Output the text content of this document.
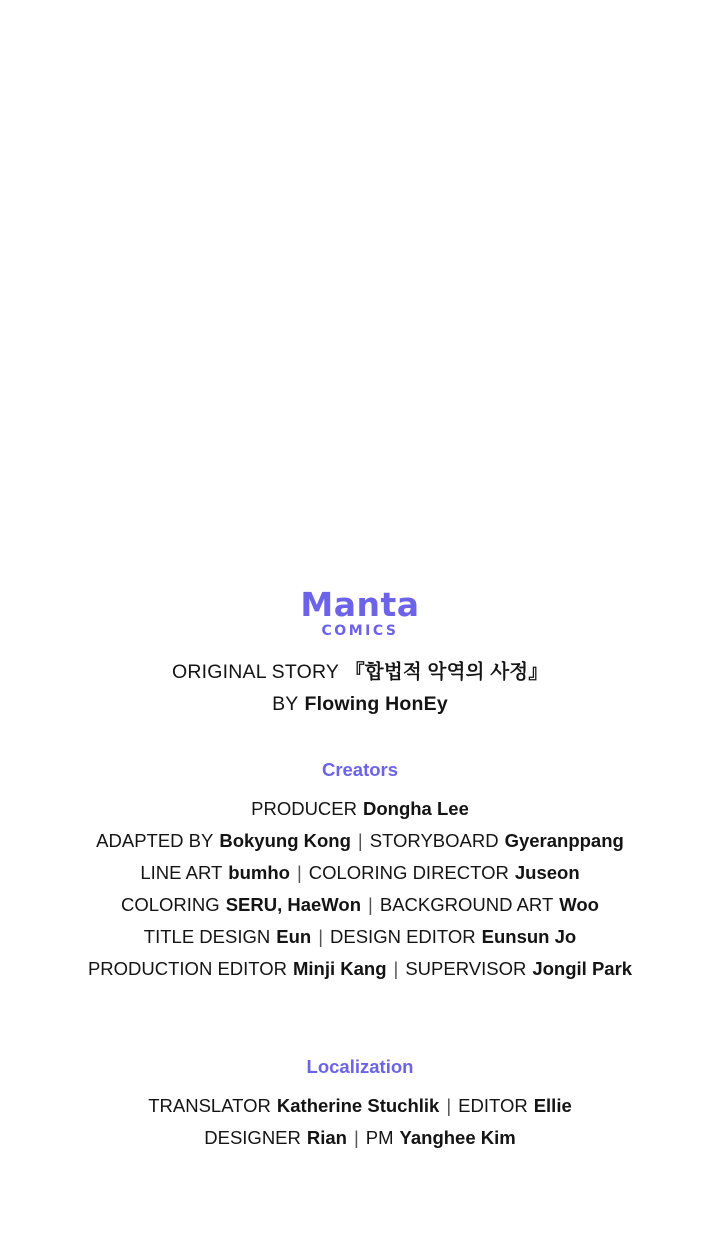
Manta
COMICS
ORIGINAL STORY 『합법적 악역의 사정』
BY Flowing HonEy
Creators
PRODUCER Dongha Lee
ADAPTED BY Bokyung Kong | STORYBOARD Gyeranppang
LINE ART bumho | COLORING DIRECTOR Juseon
COLORING SERU, HaeWon | BACKGROUND ART Woo
TITLE DESIGN Eun | DESIGN EDITOR Eunsun Jo
PRODUCTION EDITOR Minji Kang | SUPERVISOR Jongil Park
Localization
TRANSLATOR Katherine Stuchlik | EDITOR Ellie
DESIGNER Rian | PM Yanghee Kim
